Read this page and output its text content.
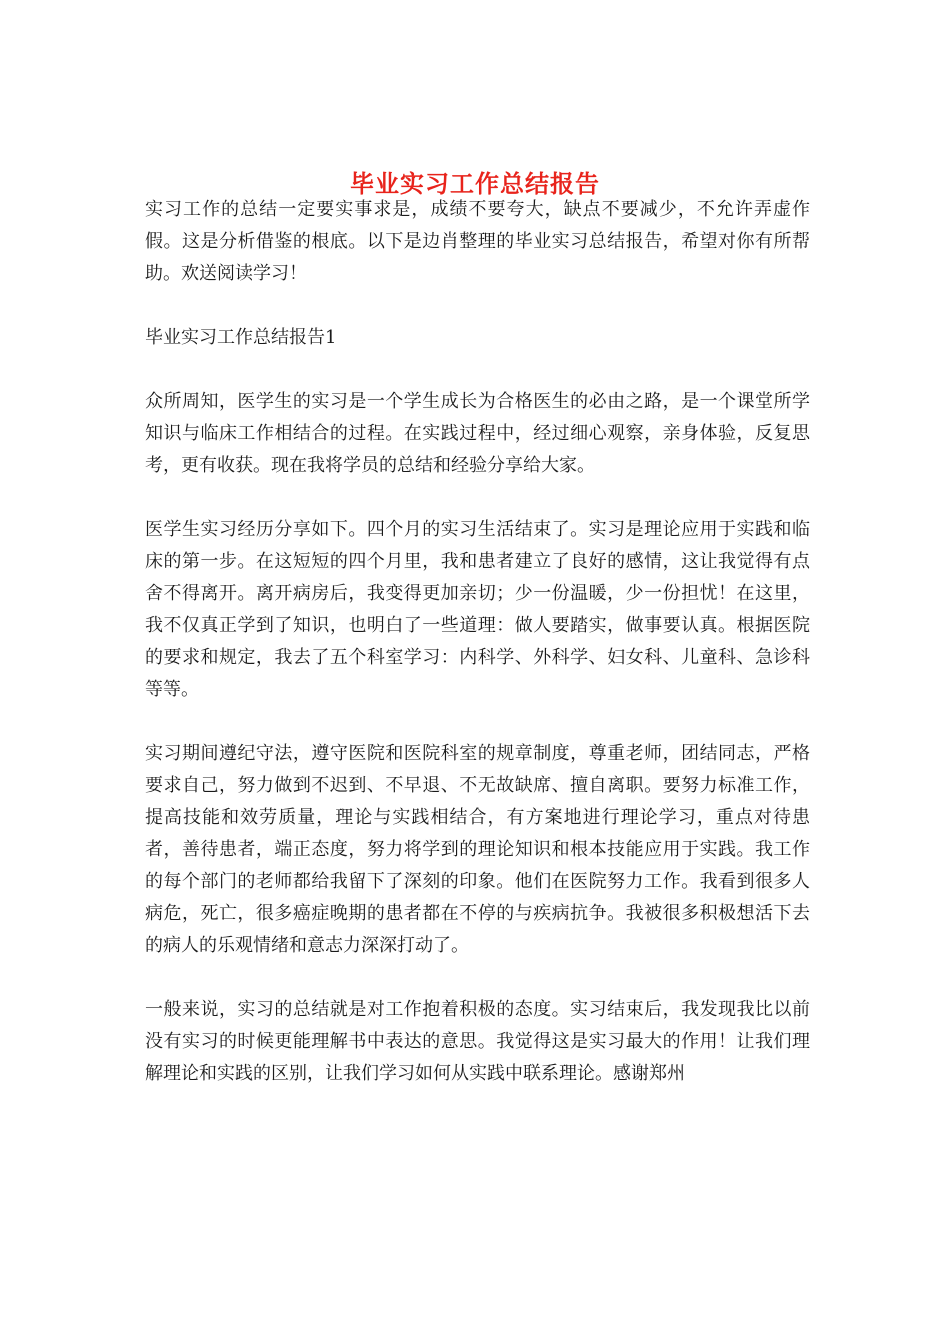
毕业实习工作总结报告

实习工作的总结一定要实事求是，成绩不要夸大，缺点不要减少，不允许弄虚作假。这是分析借鉴的根底。以下是边肖整理的毕业实习总结报告，希望对你有所帮助。欢送阅读学习！

毕业实习工作总结报告1

众所周知，医学生的实习是一个学生成长为合格医生的必由之路，是一个课堂所学知识与临床工作相结合的过程。在实践过程中，经过细心观察，亲身体验，反复思考，更有收获。现在我将学员的总结和经验分享给大家。

医学生实习经历分享如下。四个月的实习生活结束了。实习是理论应用于实践和临床的第一步。在这短短的四个月里，我和患者建立了良好的感情，这让我觉得有点舍不得离开。离开病房后，我变得更加亲切；少一份温暖，少一份担忧！在这里，我不仅真正学到了知识，也明白了一些道理：做人要踏实，做事要认真。根据医院的要求和规定，我去了五个科室学习：内科学、外科学、妇女科、儿童科、急诊科等等。

实习期间遵纪守法，遵守医院和医院科室的规章制度，尊重老师，团结同志，严格要求自己，努力做到不迟到、不早退、不无故缺席、擅自离职。要努力标准工作，提高技能和效劳质量，理论与实践相结合，有方案地进行理论学习，重点对待患者，善待患者，端正态度，努力将学到的理论知识和根本技能应用于实践。我工作的每个部门的老师都给我留下了深刻的印象。他们在医院努力工作。我看到很多人病危，死亡，很多癌症晚期的患者都在不停的与疾病抗争。我被很多积极想活下去的病人的乐观情绪和意志力深深打动了。

一般来说，实习的总结就是对工作抱着积极的态度。实习结束后，我发现我比以前没有实习的时候更能理解书中表达的意思。我觉得这是实习最大的作用！让我们理解理论和实践的区别，让我们学习如何从实践中联系理论。感谢郑州
